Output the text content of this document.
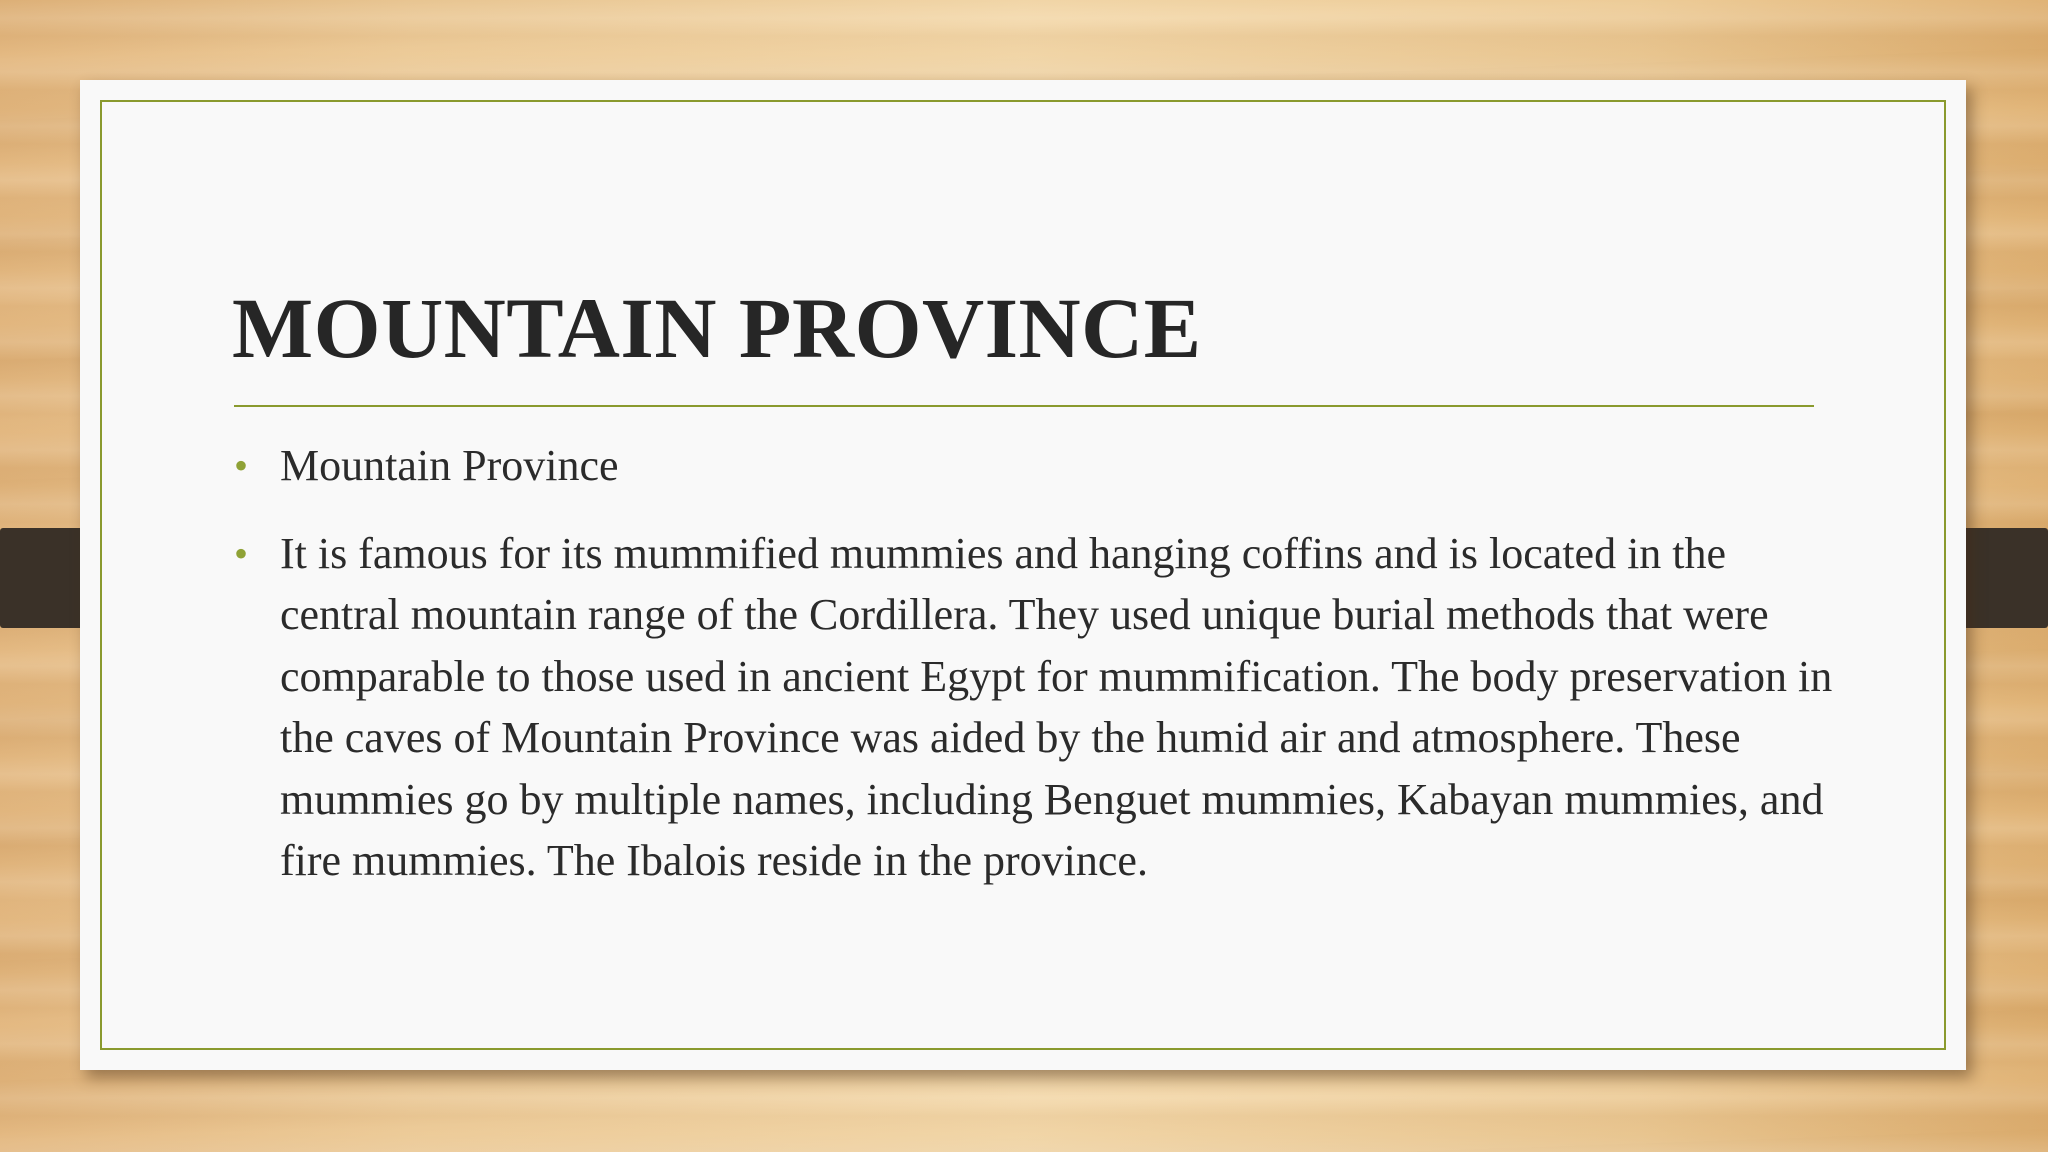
MOUNTAIN PROVINCE
• Mountain Province
• It is famous for its mummified mummies and hanging coffins and is located in the central mountain range of the Cordillera. They used unique burial methods that were comparable to those used in ancient Egypt for mummification. The body preservation in the caves of Mountain Province was aided by the humid air and atmosphere. These mummies go by multiple names, including Benguet mummies, Kabayan mummies, and fire mummies. The Ibalois reside in the province.
